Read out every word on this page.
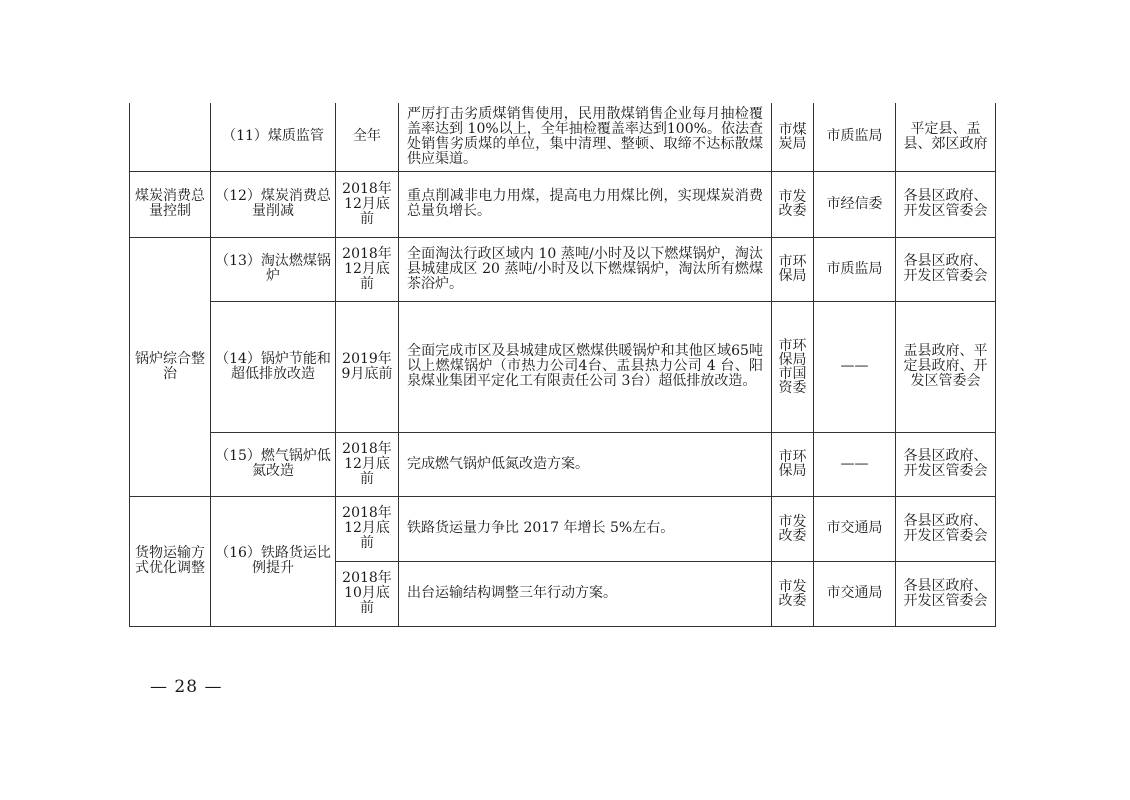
	（11）煤质监管	全年	严厉打击劣质煤销售使用，民用散煤销售企业每月抽检覆盖率达到 10%以上，全年抽检覆盖率达到100%。依法查处销售劣质煤的单位，集中清理、整顿、取缔不达标散煤供应渠道。	市煤炭局	市质监局	平定县、盂县、郊区政府
煤炭消费总量控制	（12）煤炭消费总量削减	2018年12月底前	重点削减非电力用煤，提高电力用煤比例，实现煤炭消费总量负增长。	市发改委	市经信委	各县区政府、开发区管委会
锅炉综合整治	（13）淘汰燃煤锅炉	2018年12月底前	全面淘汰行政区域内 10 蒸吨/小时及以下燃煤锅炉，淘汰县城建成区 20 蒸吨/小时及以下燃煤锅炉，淘汰所有燃煤茶浴炉。	市环保局	市质监局	各县区政府、开发区管委会
	（14）锅炉节能和超低排放改造	2019年9月底前	全面完成市区及县城建成区燃煤供暖锅炉和其他区域65吨以上燃煤锅炉（市热力公司4台、盂县热力公司 4 台、阳泉煤业集团平定化工有限责任公司 3台）超低排放改造。	市环保局市国资委	——	盂县政府、平定县政府、开发区管委会
	（15）燃气锅炉低氮改造	2018年12月底前	完成燃气锅炉低氮改造方案。	市环保局	——	各县区政府、开发区管委会
货物运输方式优化调整	（16）铁路货运比例提升	2018年12月底前	铁路货运量力争比 2017 年增长 5%左右。	市发改委	市交通局	各县区政府、开发区管委会
		2018年10月底前	出台运输结构调整三年行动方案。	市发改委	市交通局	各县区政府、开发区管委会
— 28 —
